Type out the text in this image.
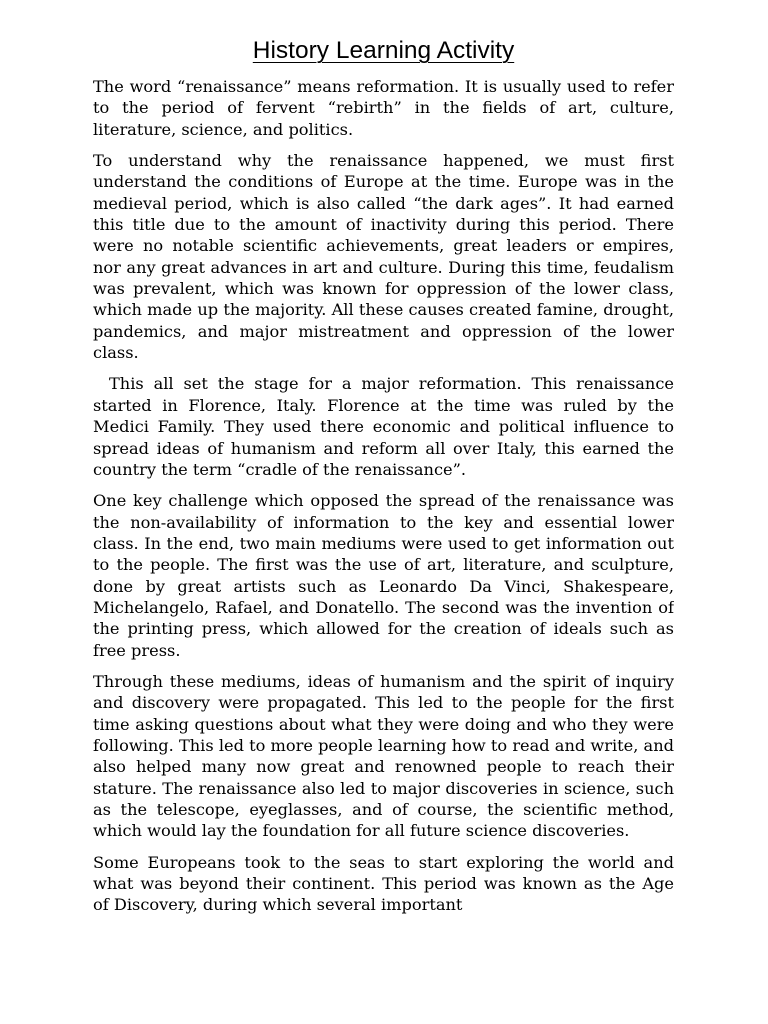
History Learning Activity

The word “renaissance” means reformation. It is usually used to refer to the period of fervent “rebirth” in the fields of art, culture, literature, science, and politics.

To understand why the renaissance happened, we must first understand the conditions of Europe at the time. Europe was in the medieval period, which is also called “the dark ages”. It had earned this title due to the amount of inactivity during this period. There were no notable scientific achievements, great leaders or empires, nor any great advances in art and culture. During this time, feudalism was prevalent, which was known for oppression of the lower class, which made up the majority. All these causes created famine, drought, pandemics, and major mistreatment and oppression of the lower class.

This all set the stage for a major reformation. This renaissance started in Florence, Italy. Florence at the time was ruled by the Medici Family. They used there economic and political influence to spread ideas of humanism and reform all over Italy, this earned the country the term “cradle of the renaissance”.

One key challenge which opposed the spread of the renaissance was the non-availability of information to the key and essential lower class. In the end, two main mediums were used to get information out to the people. The first was the use of art, literature, and sculpture, done by great artists such as Leonardo Da Vinci, Shakespeare, Michelangelo, Rafael, and Donatello. The second was the invention of the printing press, which allowed for the creation of ideals such as free press.

Through these mediums, ideas of humanism and the spirit of inquiry and discovery were propagated. This led to the people for the first time asking questions about what they were doing and who they were following. This led to more people learning how to read and write, and also helped many now great and renowned people to reach their stature. The renaissance also led to major discoveries in science, such as the telescope, eyeglasses, and of course, the scientific method, which would lay the foundation for all future science discoveries.

Some Europeans took to the seas to start exploring the world and what was beyond their continent. This period was known as the Age of Discovery, during which several important
